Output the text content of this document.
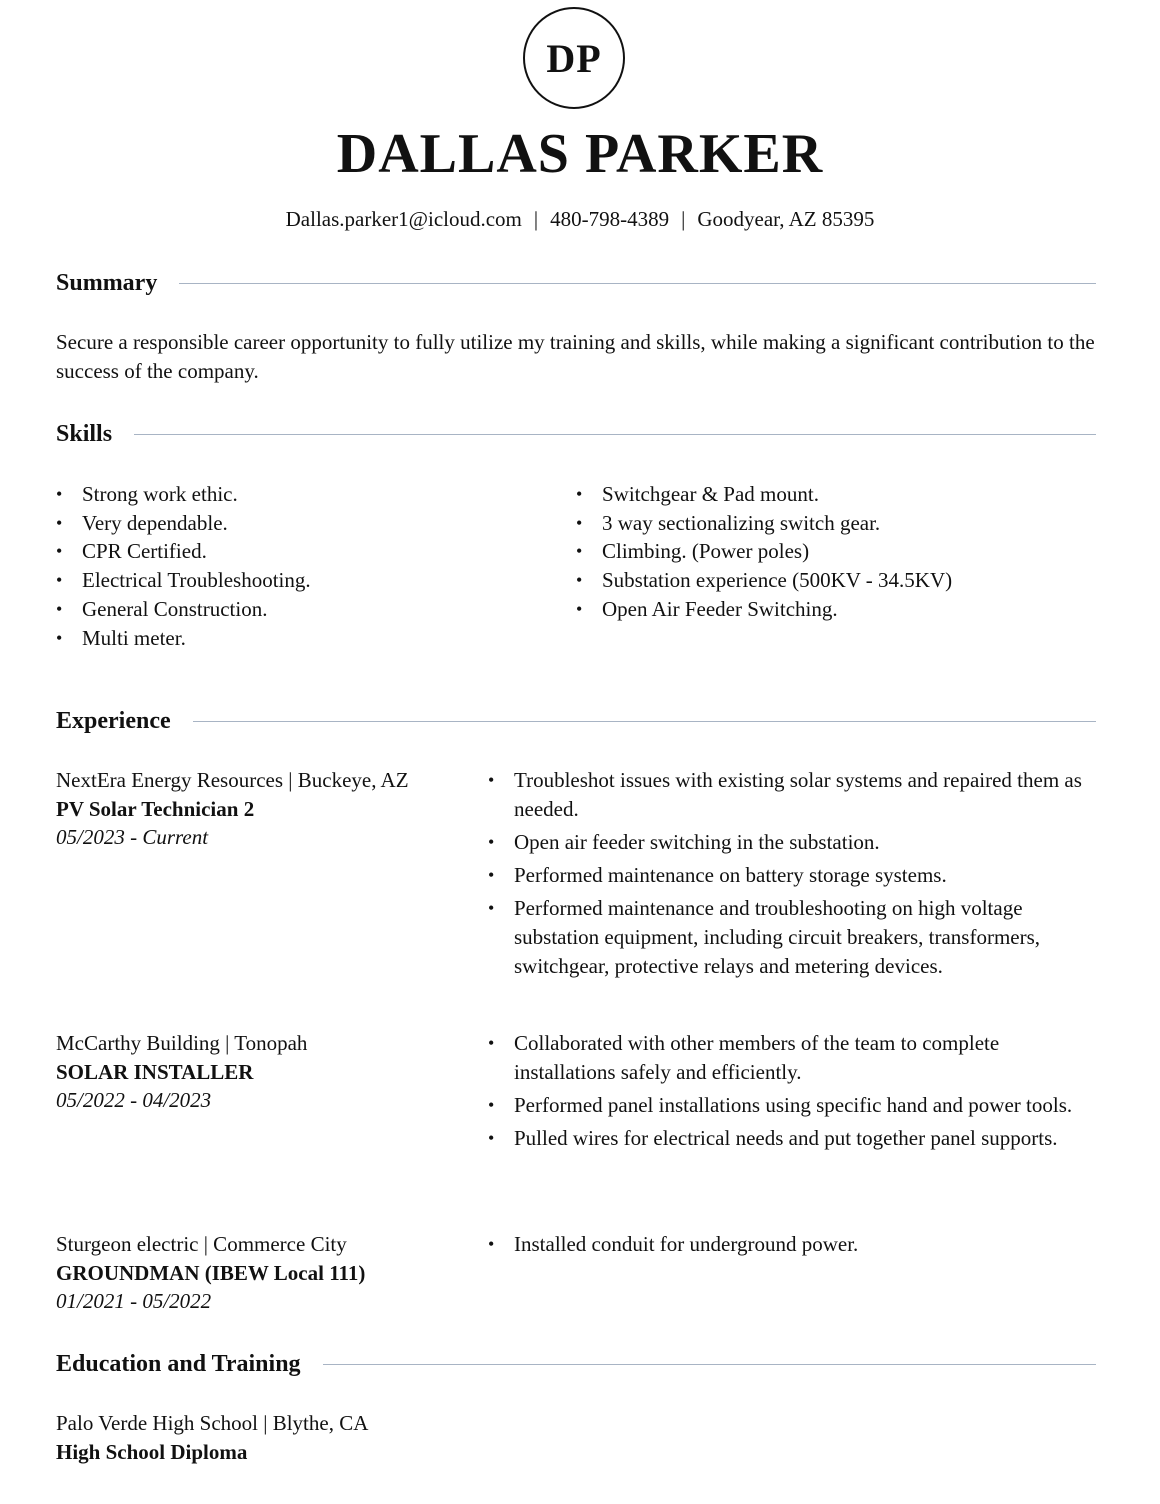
DP
DALLAS PARKER
Dallas.parker1@icloud.com | 480-798-4389 | Goodyear, AZ 85395
Summary
Secure a responsible career opportunity to fully utilize my training and skills, while making a significant contribution to the success of the company.
Skills
• Strong work ethic.
• Very dependable.
• CPR Certified.
• Electrical Troubleshooting.
• General Construction.
• Multi meter.
• Switchgear & Pad mount.
• 3 way sectionalizing switch gear.
• Climbing. (Power poles)
• Substation experience (500KV - 34.5KV)
• Open Air Feeder Switching.
Experience
NextEra Energy Resources | Buckeye, AZ
PV Solar Technician 2
05/2023 - Current
• Troubleshot issues with existing solar systems and repaired them as needed.
• Open air feeder switching in the substation.
• Performed maintenance on battery storage systems.
• Performed maintenance and troubleshooting on high voltage substation equipment, including circuit breakers, transformers, switchgear, protective relays and metering devices.
McCarthy Building | Tonopah
SOLAR INSTALLER
05/2022 - 04/2023
• Collaborated with other members of the team to complete installations safely and efficiently.
• Performed panel installations using specific hand and power tools.
• Pulled wires for electrical needs and put together panel supports.
Sturgeon electric | Commerce City
GROUNDMAN (IBEW Local 111)
01/2021 - 05/2022
• Installed conduit for underground power.
Education and Training
Palo Verde High School | Blythe, CA
High School Diploma
